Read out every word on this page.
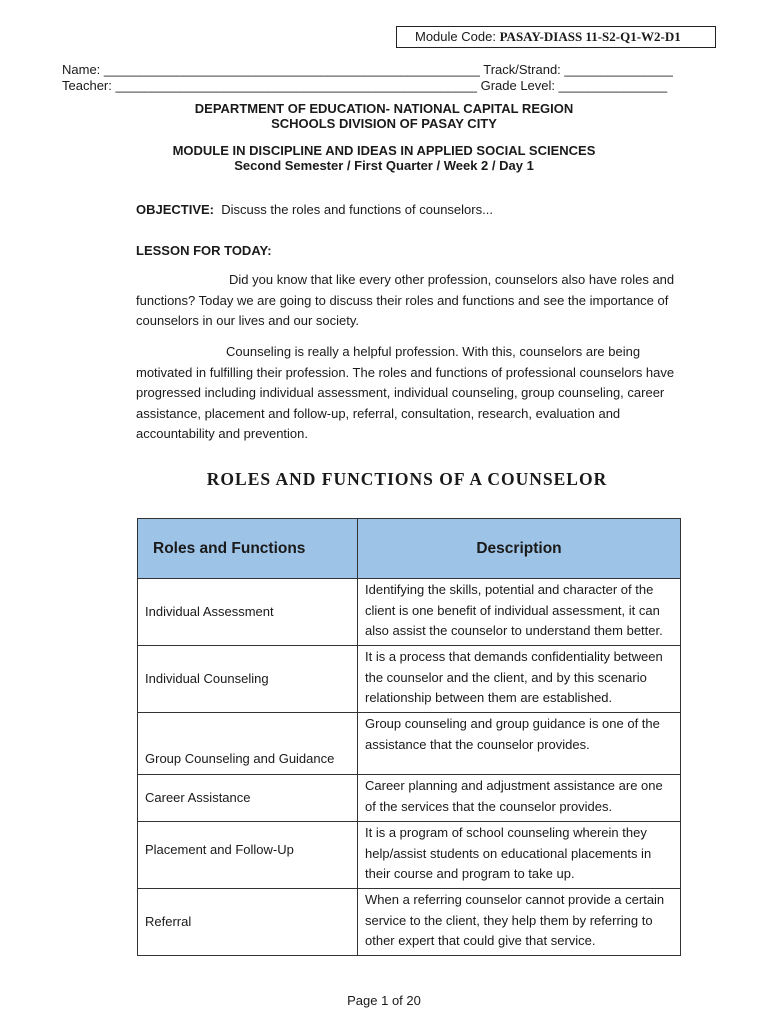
Module Code: PASAY-DIASS 11-S2-Q1-W2-D1
Name: ____________________________________________________ Track/Strand: _______________
Teacher: __________________________________________________ Grade Level: _______________
DEPARTMENT OF EDUCATION- NATIONAL CAPITAL REGION
SCHOOLS DIVISION OF PASAY CITY
MODULE IN DISCIPLINE AND IDEAS IN APPLIED SOCIAL SCIENCES
Second Semester / First Quarter / Week 2 / Day 1
OBJECTIVE: Discuss the roles and functions of counselors...
LESSON FOR TODAY:
Did you know that like every other profession, counselors also have roles and functions? Today we are going to discuss their roles and functions and see the importance of counselors in our lives and our society.
Counseling is really a helpful profession. With this, counselors are being motivated in fulfilling their profession. The roles and functions of professional counselors have progressed including individual assessment, individual counseling, group counseling, career assistance, placement and follow-up, referral, consultation, research, evaluation and accountability and prevention.
ROLES AND FUNCTIONS OF A COUNSELOR
Roles and Functions	Description
Individual Assessment	Identifying the skills, potential and character of the client is one benefit of individual assessment, it can also assist the counselor to understand them better.
Individual Counseling	It is a process that demands confidentiality between the counselor and the client, and by this scenario relationship between them are established.
Group Counseling and Guidance	Group counseling and group guidance is one of the assistance that the counselor provides.
Career Assistance	Career planning and adjustment assistance are one of the services that the counselor provides.
Placement and Follow-Up	It is a program of school counseling wherein they help/assist students on educational placements in their course and program to take up.
Referral	When a referring counselor cannot provide a certain service to the client, they help them by referring to other expert that could give that service.
Page 1 of 20
